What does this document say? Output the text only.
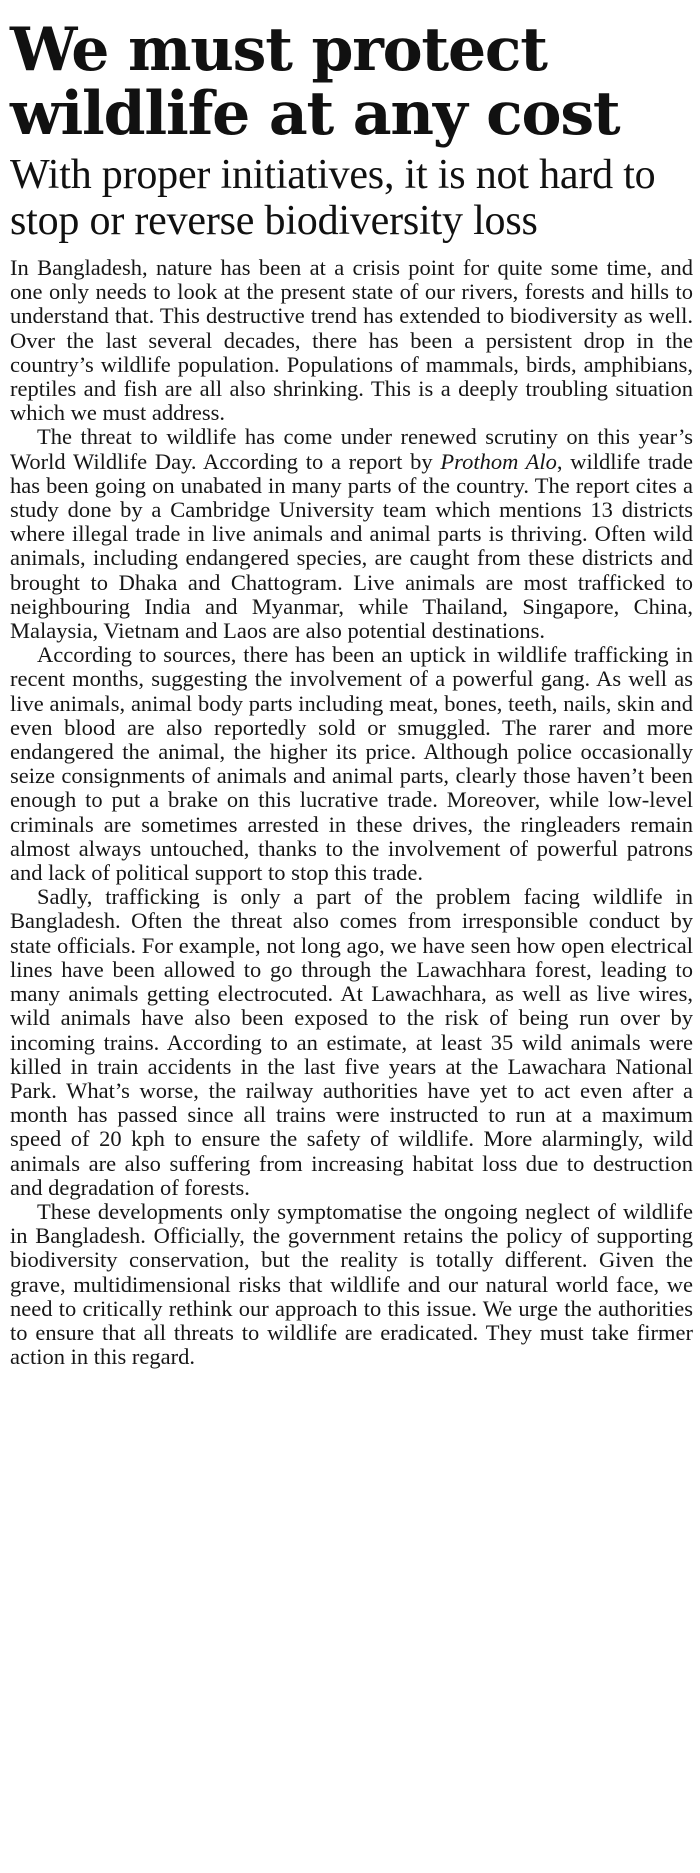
We must protect wildlife at any cost
With proper initiatives, it is not hard to stop or reverse biodiversity loss

In Bangladesh, nature has been at a crisis point for quite some time, and one only needs to look at the present state of our rivers, forests and hills to understand that. This destructive trend has extended to biodiversity as well. Over the last several decades, there has been a persistent drop in the country’s wildlife population. Populations of mammals, birds, amphibians, reptiles and fish are all also shrinking. This is a deeply troubling situation which we must address.

The threat to wildlife has come under renewed scrutiny on this year’s World Wildlife Day. According to a report by Prothom Alo, wildlife trade has been going on unabated in many parts of the country. The report cites a study done by a Cambridge University team which mentions 13 districts where illegal trade in live animals and animal parts is thriving. Often wild animals, including endangered species, are caught from these districts and brought to Dhaka and Chattogram. Live animals are most trafficked to neighbouring India and Myanmar, while Thailand, Singapore, China, Malaysia, Vietnam and Laos are also potential destinations.

According to sources, there has been an uptick in wildlife trafficking in recent months, suggesting the involvement of a powerful gang. As well as live animals, animal body parts including meat, bones, teeth, nails, skin and even blood are also reportedly sold or smuggled. The rarer and more endangered the animal, the higher its price. Although police occasionally seize consignments of animals and animal parts, clearly those haven’t been enough to put a brake on this lucrative trade. Moreover, while low-level criminals are sometimes arrested in these drives, the ringleaders remain almost always untouched, thanks to the involvement of powerful patrons and lack of political support to stop this trade.

Sadly, trafficking is only a part of the problem facing wildlife in Bangladesh. Often the threat also comes from irresponsible conduct by state officials. For example, not long ago, we have seen how open electrical lines have been allowed to go through the Lawachhara forest, leading to many animals getting electrocuted. At Lawachhara, as well as live wires, wild animals have also been exposed to the risk of being run over by incoming trains. According to an estimate, at least 35 wild animals were killed in train accidents in the last five years at the Lawachara National Park. What’s worse, the railway authorities have yet to act even after a month has passed since all trains were instructed to run at a maximum speed of 20 kph to ensure the safety of wildlife. More alarmingly, wild animals are also suffering from increasing habitat loss due to destruction and degradation of forests.

These developments only symptomatise the ongoing neglect of wildlife in Bangladesh. Officially, the government retains the policy of supporting biodiversity conservation, but the reality is totally different. Given the grave, multidimensional risks that wildlife and our natural world face, we need to critically rethink our approach to this issue. We urge the authorities to ensure that all threats to wildlife are eradicated. They must take firmer action in this regard.
